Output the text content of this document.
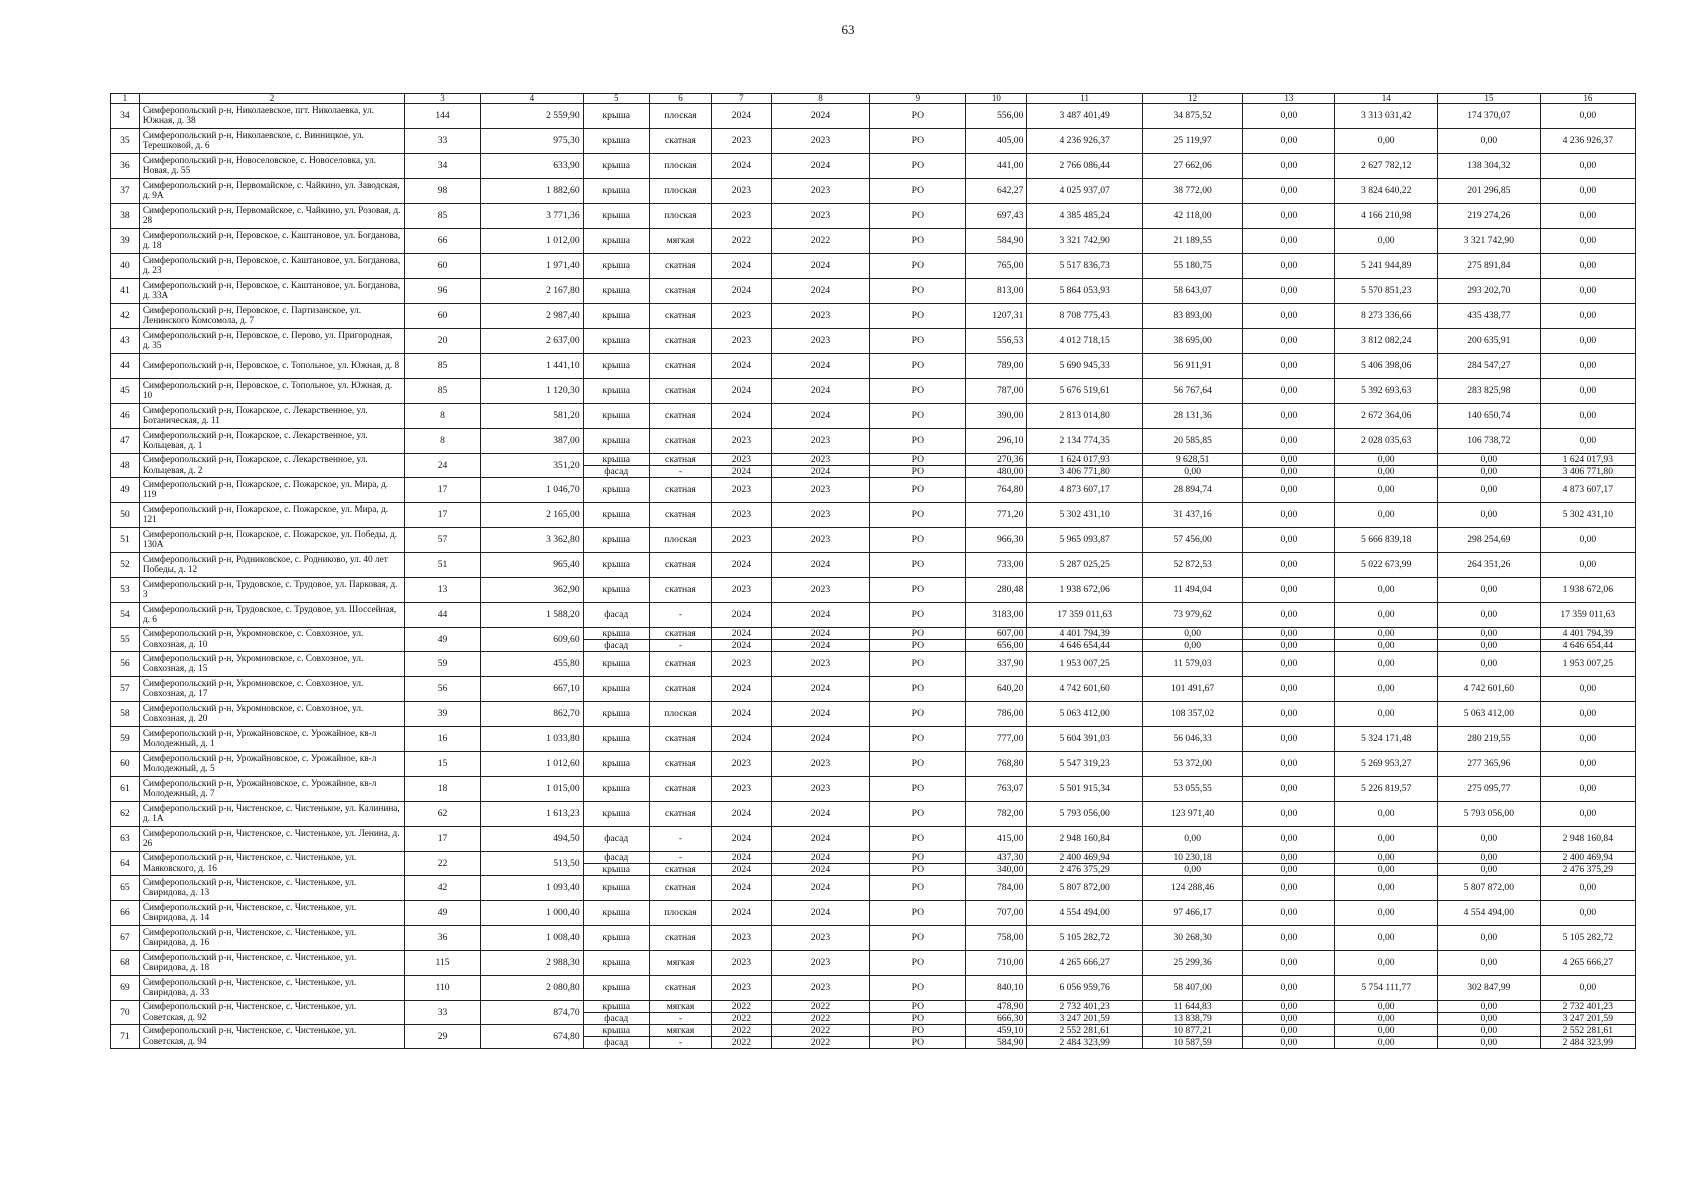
63
1	2	3	4	5	6	7	8	9	10	11	12	13	14	15	16
34	Симферопольский р-н, Николаевское, пгт. Николаевка, ул. Южная, д. 38	144	2 559,90	крыша	плоская	2024	2024	РО	556,00	3 487 401,49	34 875,52	0,00	3 313 031,42	174 370,07	0,00
35	Симферопольский р-н, Николаевское, с. Винницкое, ул. Терешковой, д. 6	33	975,30	крыша	скатная	2023	2023	РО	405,00	4 236 926,37	25 119,97	0,00	0,00	0,00	4 236 926,37
36	Симферопольский р-н, Новоселовское, с. Новоселовка, ул. Новая, д. 55	34	633,90	крыша	плоская	2024	2024	РО	441,00	2 766 086,44	27 662,06	0,00	2 627 782,12	138 304,32	0,00
37	Симферопольский р-н, Первомайское, с. Чайкино, ул. Заводская, д. 9А	98	1 882,60	крыша	плоская	2023	2023	РО	642,27	4 025 937,07	38 772,00	0,00	3 824 640,22	201 296,85	0,00
38	Симферопольский р-н, Первомайское, с. Чайкино, ул. Розовая, д. 28	85	3 771,36	крыша	плоская	2023	2023	РО	697,43	4 385 485,24	42 118,00	0,00	4 166 210,98	219 274,26	0,00
39	Симферопольский р-н, Перовское, с. Каштановое, ул. Богданова, д. 18	66	1 012,00	крыша	мягкая	2022	2022	РО	584,90	3 321 742,90	21 189,55	0,00	0,00	3 321 742,90	0,00
40	Симферопольский р-н, Перовское, с. Каштановое, ул. Богданова, д. 23	60	1 971,40	крыша	скатная	2024	2024	РО	765,00	5 517 836,73	55 180,75	0,00	5 241 944,89	275 891,84	0,00
41	Симферопольский р-н, Перовское, с. Каштановое, ул. Богданова, д. 33А	96	2 167,80	крыша	скатная	2024	2024	РО	813,00	5 864 053,93	58 643,07	0,00	5 570 851,23	293 202,70	0,00
42	Симферопольский р-н, Перовское, с. Партизанское, ул. Ленинского Комсомола, д. 7	60	2 987,40	крыша	скатная	2023	2023	РО	1207,31	8 708 775,43	83 893,00	0,00	8 273 336,66	435 438,77	0,00
43	Симферопольский р-н, Перовское, с. Перово, ул. Пригородная, д. 35	20	2 637,00	крыша	скатная	2023	2023	РО	556,53	4 012 718,15	38 695,00	0,00	3 812 082,24	200 635,91	0,00
44	Симферопольский р-н, Перовское, с. Топольное, ул. Южная, д. 8	85	1 441,10	крыша	скатная	2024	2024	РО	789,00	5 690 945,33	56 911,91	0,00	5 406 398,06	284 547,27	0,00
45	Симферопольский р-н, Перовское, с. Топольное, ул. Южная, д. 10	85	1 120,30	крыша	скатная	2024	2024	РО	787,00	5 676 519,61	56 767,64	0,00	5 392 693,63	283 825,98	0,00
46	Симферопольский р-н, Пожарское, с. Лекарственное, ул. Ботаническая, д. 11	8	581,20	крыша	скатная	2024	2024	РО	390,00	2 813 014,80	28 131,36	0,00	2 672 364,06	140 650,74	0,00
47	Симферопольский р-н, Пожарское, с. Лекарственное, ул. Кольцевая, д. 1	8	387,00	крыша	скатная	2023	2023	РО	296,10	2 134 774,35	20 585,85	0,00	2 028 035,63	106 738,72	0,00
48	Симферопольский р-н, Пожарское, с. Лекарственное, ул. Кольцевая, д. 2	24	351,20	крыша	скатная	2023	2023	РО	270,36	1 624 017,93	9 628,51	0,00	0,00	0,00	1 624 017,93
				фасад	-	2024	2024	РО	480,00	3 406 771,80	0,00	0,00	0,00	0,00	3 406 771,80
49	Симферопольский р-н, Пожарское, с. Пожарское, ул. Мира, д. 119	17	1 046,70	крыша	скатная	2023	2023	РО	764,80	4 873 607,17	28 894,74	0,00	0,00	0,00	4 873 607,17
50	Симферопольский р-н, Пожарское, с. Пожарское, ул. Мира, д. 121	17	2 165,00	крыша	скатная	2023	2023	РО	771,20	5 302 431,10	31 437,16	0,00	0,00	0,00	5 302 431,10
51	Симферопольский р-н, Пожарское, с. Пожарское, ул. Победы, д. 130А	57	3 362,80	крыша	плоская	2023	2023	РО	966,30	5 965 093,87	57 456,00	0,00	5 666 839,18	298 254,69	0,00
52	Симферопольский р-н, Родниковское, с. Родниково, ул. 40 лет Победы, д. 12	51	965,40	крыша	скатная	2024	2024	РО	733,00	5 287 025,25	52 872,53	0,00	5 022 673,99	264 351,26	0,00
53	Симферопольский р-н, Трудовское, с. Трудовое, ул. Парковая, д. 3	13	362,90	крыша	скатная	2023	2023	РО	280,48	1 938 672,06	11 494,04	0,00	0,00	0,00	1 938 672,06
54	Симферопольский р-н, Трудовское, с. Трудовое, ул. Шоссейная, д. 6	44	1 588,20	фасад	-	2024	2024	РО	3183,00	17 359 011,63	73 979,62	0,00	0,00	0,00	17 359 011,63
55	Симферопольский р-н, Укромновское, с. Совхозное, ул. Совхозная, д. 10	49	609,60	крыша	скатная	2024	2024	РО	607,00	4 401 794,39	0,00	0,00	0,00	0,00	4 401 794,39
				фасад	-	2024	2024	РО	656,00	4 646 654,44	0,00	0,00	0,00	0,00	4 646 654,44
56	Симферопольский р-н, Укромновское, с. Совхозное, ул. Совхозная, д. 15	59	455,80	крыша	скатная	2023	2023	РО	337,90	1 953 007,25	11 579,03	0,00	0,00	0,00	1 953 007,25
57	Симферопольский р-н, Укромновское, с. Совхозное, ул. Совхозная, д. 17	56	667,10	крыша	скатная	2024	2024	РО	640,20	4 742 601,60	101 491,67	0,00	0,00	4 742 601,60	0,00
58	Симферопольский р-н, Укромновское, с. Совхозное, ул. Совхозная, д. 20	39	862,70	крыша	плоская	2024	2024	РО	786,00	5 063 412,00	108 357,02	0,00	0,00	5 063 412,00	0,00
59	Симферопольский р-н, Урожайновское, с. Урожайное, кв-л Молодежный, д. 1	16	1 033,80	крыша	скатная	2024	2024	РО	777,00	5 604 391,03	56 046,33	0,00	5 324 171,48	280 219,55	0,00
60	Симферопольский р-н, Урожайновское, с. Урожайное, кв-л Молодежный, д. 5	15	1 012,60	крыша	скатная	2023	2023	РО	768,80	5 547 319,23	53 372,00	0,00	5 269 953,27	277 365,96	0,00
61	Симферопольский р-н, Урожайновское, с. Урожайное, кв-л Молодежный, д. 7	18	1 015,00	крыша	скатная	2023	2023	РО	763,07	5 501 915,34	53 055,55	0,00	5 226 819,57	275 095,77	0,00
62	Симферопольский р-н, Чистенское, с. Чистенькое, ул. Калинина, д. 1А	62	1 613,23	крыша	скатная	2024	2024	РО	782,00	5 793 056,00	123 971,40	0,00	0,00	5 793 056,00	0,00
63	Симферопольский р-н, Чистенское, с. Чистенькое, ул. Ленина, д. 26	17	494,50	фасад	-	2024	2024	РО	415,00	2 948 160,84	0,00	0,00	0,00	0,00	2 948 160,84
64	Симферопольский р-н, Чистенское, с. Чистенькое, ул. Маяковского, д. 16	22	513,50	фасад	-	2024	2024	РО	437,30	2 400 469,94	10 230,18	0,00	0,00	0,00	2 400 469,94
				крыша	скатная	2024	2024	РО	340,00	2 476 375,29	0,00	0,00	0,00	0,00	2 476 375,29
65	Симферопольский р-н, Чистенское, с. Чистенькое, ул. Свиридова, д. 13	42	1 093,40	крыша	скатная	2024	2024	РО	784,00	5 807 872,00	124 288,46	0,00	0,00	5 807 872,00	0,00
66	Симферопольский р-н, Чистенское, с. Чистенькое, ул. Свиридова, д. 14	49	1 000,40	крыша	плоская	2024	2024	РО	707,00	4 554 494,00	97 466,17	0,00	0,00	4 554 494,00	0,00
67	Симферопольский р-н, Чистенское, с. Чистенькое, ул. Свиридова, д. 16	36	1 008,40	крыша	скатная	2023	2023	РО	758,00	5 105 282,72	30 268,30	0,00	0,00	0,00	5 105 282,72
68	Симферопольский р-н, Чистенское, с. Чистенькое, ул. Свиридова, д. 18	115	2 988,30	крыша	мягкая	2023	2023	РО	710,00	4 265 666,27	25 299,36	0,00	0,00	0,00	4 265 666,27
69	Симферопольский р-н, Чистенское, с. Чистенькое, ул. Свиридова, д. 33	110	2 080,80	крыша	скатная	2023	2023	РО	840,10	6 056 959,76	58 407,00	0,00	5 754 111,77	302 847,99	0,00
70	Симферопольский р-н, Чистенское, с. Чистенькое, ул. Советская, д. 92	33	874,70	крыша	мягкая	2022	2022	РО	478,90	2 732 401,23	11 644,83	0,00	0,00	0,00	2 732 401,23
				фасад	-	2022	2022	РО	666,30	3 247 201,59	13 838,79	0,00	0,00	0,00	3 247 201,59
71	Симферопольский р-н, Чистенское, с. Чистенькое, ул. Советская, д. 94	29	674,80	крыша	мягкая	2022	2022	РО	459,10	2 552 281,61	10 877,21	0,00	0,00	0,00	2 552 281,61
				фасад	-	2022	2022	РО	584,90	2 484 323,99	10 587,59	0,00	0,00	0,00	2 484 323,99
